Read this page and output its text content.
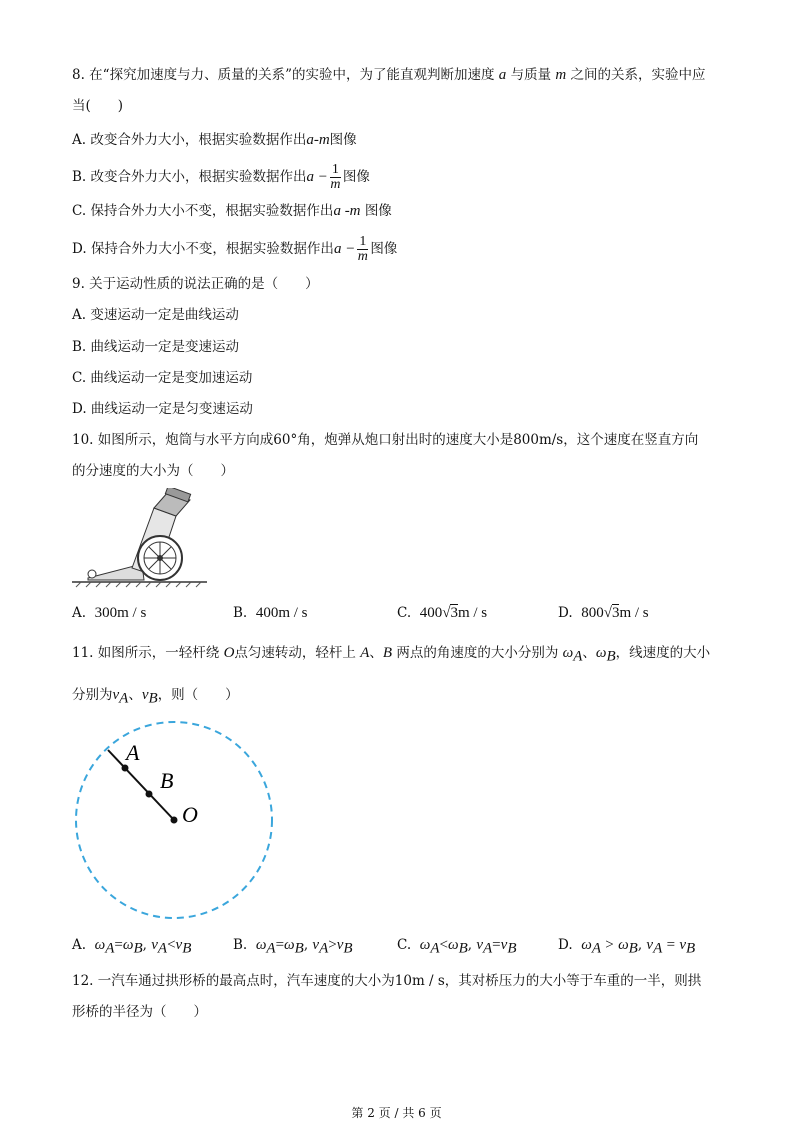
8. 在“探究加速度与力、质量的关系”的实验中，为了能直观判断加速度 a 与质量 m 之间的关系，实验中应
当(　　)
A. 改变合外力大小，根据实验数据作出a-m图像
B. 改变合外力大小，根据实验数据作出$a - \frac{1}{m}$ 图像
C. 保持合外力大小不变，根据实验数据作出a -m 图像
D. 保持合外力大小不变，根据实验数据作出$a - \frac{1}{m}$ 图像
9. 关于运动性质的说法正确的是（　　）
A. 变速运动一定是曲线运动
B. 曲线运动一定是变速运动
C. 曲线运动一定是变加速运动
D. 曲线运动一定是匀变速运动
10. 如图所示，炮筒与水平方向成60°角，炮弹从炮口射出时的速度大小是800m/s，这个速度在竖直方向
的分速度的大小为（　　）
A. 300m / s	B. 400m / s	C. 400√3m / s	D. 800√3m / s
11. 如图所示，一轻杆绕 O点匀速转动，轻杆上 A、B 两点的角速度的大小分别为 $\omega_A$、$\omega_B$，线速度的大小
分别为$v_A$、$v_B$，则（　　）
A
B
O
A. $\omega_A=\omega_B$, $v_A<v_B$	B. $\omega_A=\omega_B$, $v_A>v_B$	C. $\omega_A<\omega_B$, $v_A=v_B$	D. $\omega_A > \omega_B$, $v_A = v_B$
12. 一汽车通过拱形桥的最高点时，汽车速度的大小为10m / s，其对桥压力的大小等于车重的一半，则拱
形桥的半径为（　　）
第 2 页 / 共 6 页
